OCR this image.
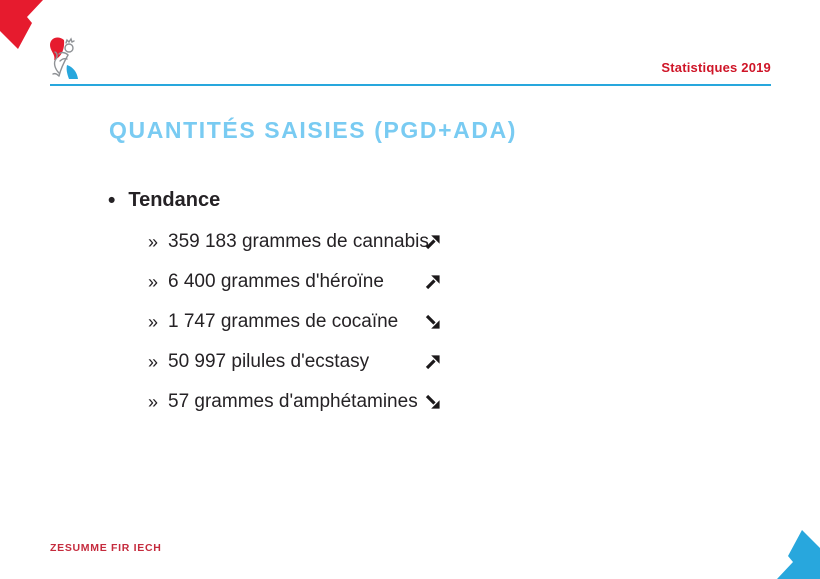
Statistiques 2019
QUANTITÉS SAISIES (PGD+ADA)
• Tendance
» 359 183 grammes de cannabis
» 6 400 grammes d'héroïne
» 1 747 grammes de cocaïne
» 50 997 pilules d'ecstasy
» 57 grammes d'amphétamines
ZESUMME FIR IECH
